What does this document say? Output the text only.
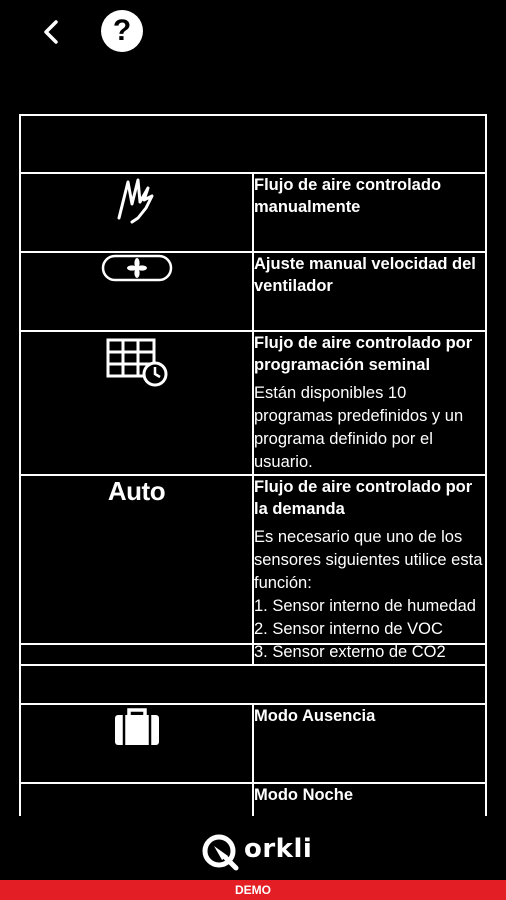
?

Flujo de aire controlado manualmente

Ajuste manual velocidad del ventilador

Flujo de aire controlado por programación seminal
Están disponibles 10 programas predefinidos y un programa definido por el usuario.

Auto	Flujo de aire controlado por la demanda
Es necesario que uno de los sensores siguientes utilice esta función:
1. Sensor interno de humedad
2. Sensor interno de VOC
3. Sensor externo de CO2

Modo Ausencia

	Modo Noche
orkli
DEMO
